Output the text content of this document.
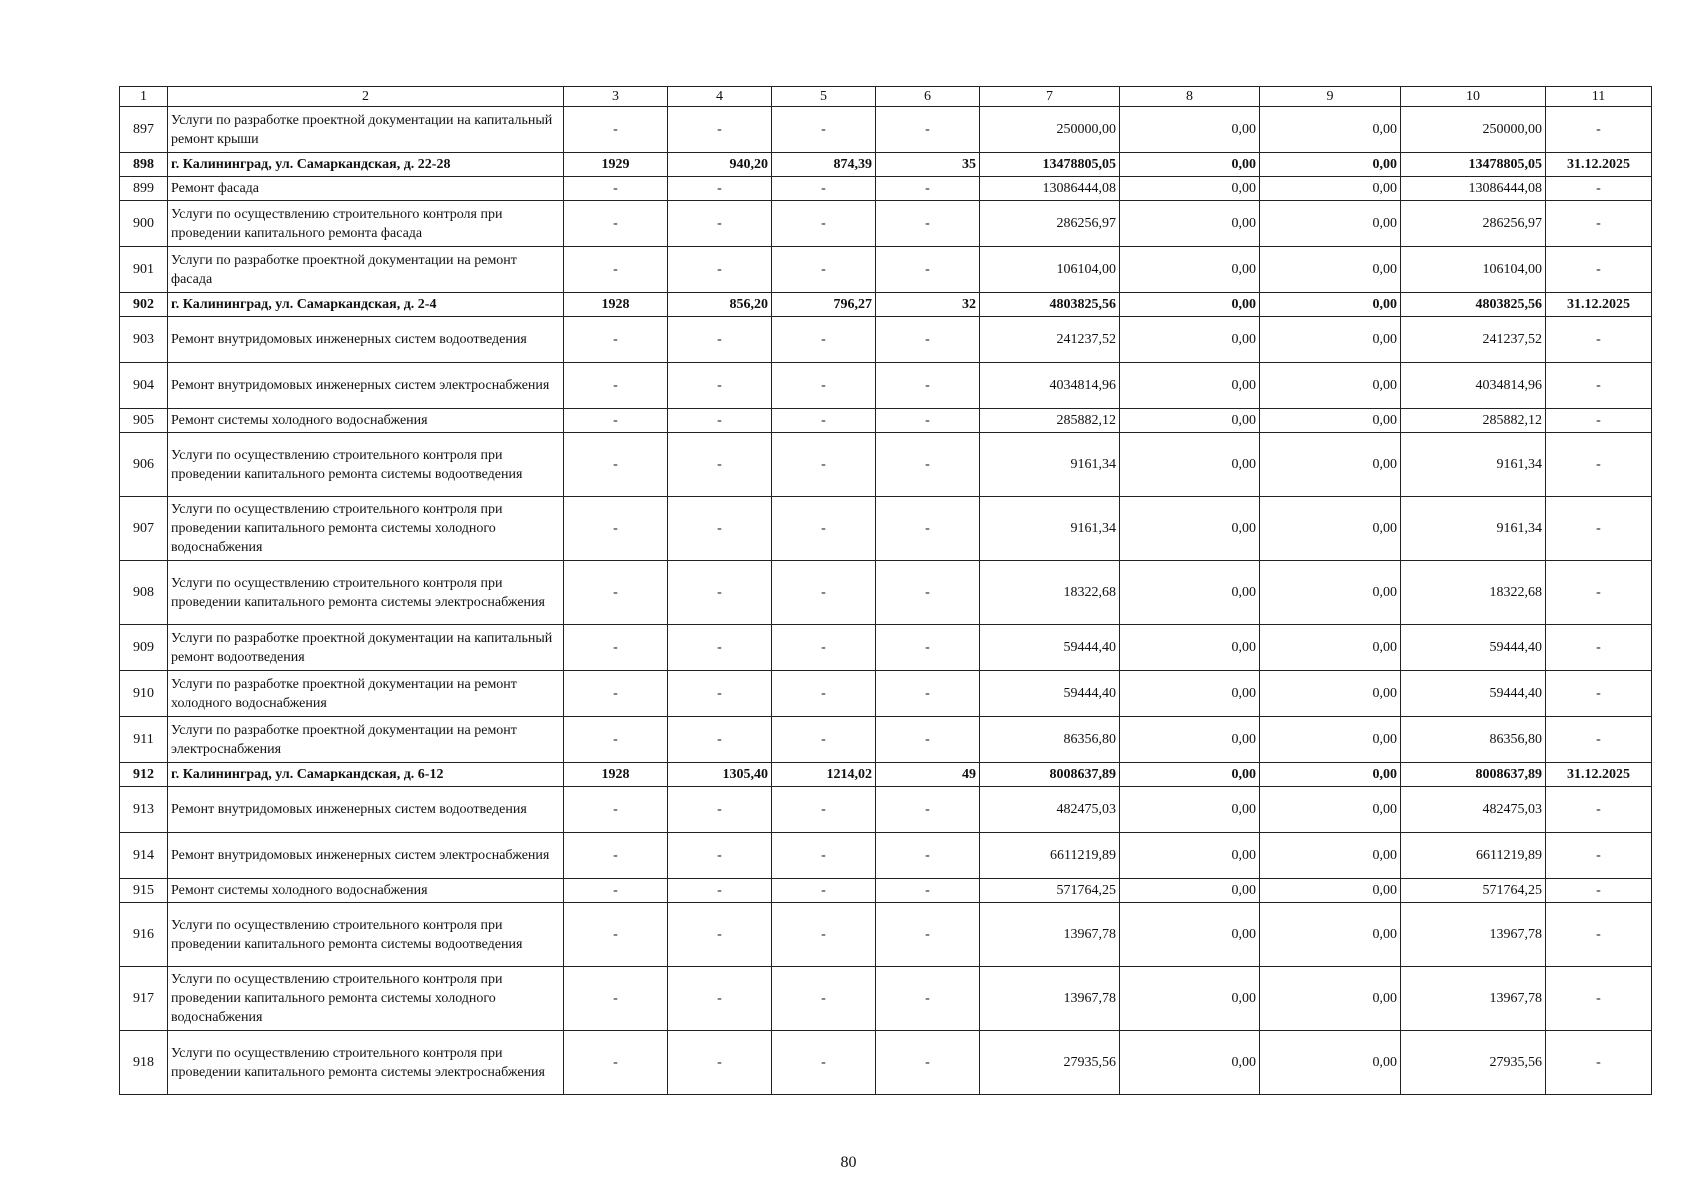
1	2	3	4	5	6	7	8	9	10	11
897	Услуги по разработке проектной документации на капитальный ремонт крыши	-	-	-	-	250000,00	0,00	0,00	250000,00	-
898	г. Калининград, ул. Самаркандская, д. 22-28	1929	940,20	874,39	35	13478805,05	0,00	0,00	13478805,05	31.12.2025
899	Ремонт фасада	-	-	-	-	13086444,08	0,00	0,00	13086444,08	-
900	Услуги по осуществлению строительного контроля при проведении капитального ремонта фасада	-	-	-	-	286256,97	0,00	0,00	286256,97	-
901	Услуги по разработке проектной документации на ремонт фасада	-	-	-	-	106104,00	0,00	0,00	106104,00	-
902	г. Калининград, ул. Самаркандская, д. 2-4	1928	856,20	796,27	32	4803825,56	0,00	0,00	4803825,56	31.12.2025
903	Ремонт внутридомовых инженерных систем водоотведения	-	-	-	-	241237,52	0,00	0,00	241237,52	-
904	Ремонт внутридомовых инженерных систем электроснабжения	-	-	-	-	4034814,96	0,00	0,00	4034814,96	-
905	Ремонт системы холодного водоснабжения	-	-	-	-	285882,12	0,00	0,00	285882,12	-
906	Услуги по осуществлению строительного контроля при проведении капитального ремонта системы водоотведения	-	-	-	-	9161,34	0,00	0,00	9161,34	-
907	Услуги по осуществлению строительного контроля при проведении капитального ремонта системы холодного водоснабжения	-	-	-	-	9161,34	0,00	0,00	9161,34	-
908	Услуги по осуществлению строительного контроля при проведении капитального ремонта системы электроснабжения	-	-	-	-	18322,68	0,00	0,00	18322,68	-
909	Услуги по разработке проектной документации на капитальный ремонт водоотведения	-	-	-	-	59444,40	0,00	0,00	59444,40	-
910	Услуги по разработке проектной документации на ремонт холодного водоснабжения	-	-	-	-	59444,40	0,00	0,00	59444,40	-
911	Услуги по разработке проектной документации на ремонт электроснабжения	-	-	-	-	86356,80	0,00	0,00	86356,80	-
912	г. Калининград, ул. Самаркандская, д. 6-12	1928	1305,40	1214,02	49	8008637,89	0,00	0,00	8008637,89	31.12.2025
913	Ремонт внутридомовых инженерных систем водоотведения	-	-	-	-	482475,03	0,00	0,00	482475,03	-
914	Ремонт внутридомовых инженерных систем электроснабжения	-	-	-	-	6611219,89	0,00	0,00	6611219,89	-
915	Ремонт системы холодного водоснабжения	-	-	-	-	571764,25	0,00	0,00	571764,25	-
916	Услуги по осуществлению строительного контроля при проведении капитального ремонта системы водоотведения	-	-	-	-	13967,78	0,00	0,00	13967,78	-
917	Услуги по осуществлению строительного контроля при проведении капитального ремонта системы холодного водоснабжения	-	-	-	-	13967,78	0,00	0,00	13967,78	-
918	Услуги по осуществлению строительного контроля при проведении капитального ремонта системы электроснабжения	-	-	-	-	27935,56	0,00	0,00	27935,56	-
80
